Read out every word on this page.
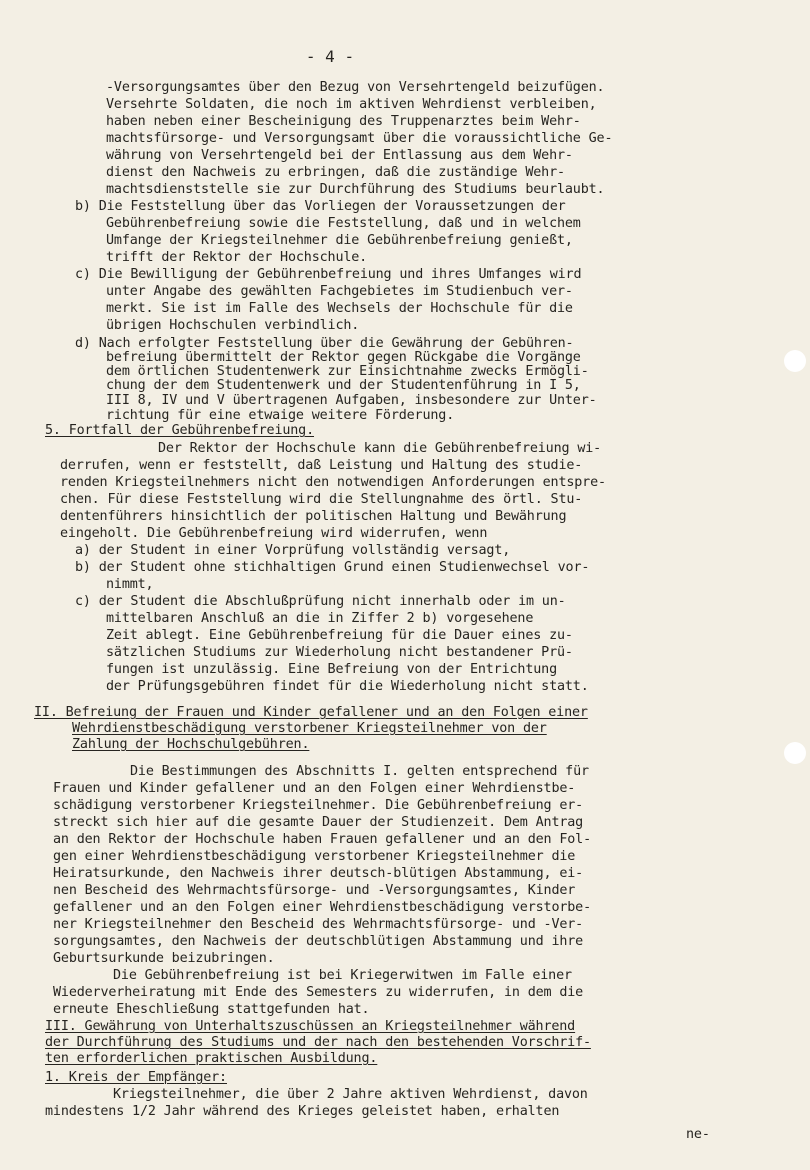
- 4 -
-Versorgungsamtes über den Bezug von Versehrtengeld beizufügen.
Versehrte Soldaten, die noch im aktiven Wehrdienst verbleiben,
haben neben einer Bescheinigung des Truppenarztes beim Wehr-
machtsfürsorge- und Versorgungsamt über die voraussichtliche Ge-
währung von Versehrtengeld bei der Entlassung aus dem Wehr-
dienst den Nachweis zu erbringen, daß die zuständige Wehr-
machtsdienststelle sie zur Durchführung des Studiums beurlaubt.
b) Die Feststellung über das Vorliegen der Voraussetzungen der
Gebührenbefreiung sowie die Feststellung, daß und in welchem
Umfange der Kriegsteilnehmer die Gebührenbefreiung genießt,
trifft der Rektor der Hochschule.
c) Die Bewilligung der Gebührenbefreiung und ihres Umfanges wird
unter Angabe des gewählten Fachgebietes im Studienbuch ver-
merkt. Sie ist im Falle des Wechsels der Hochschule für die
übrigen Hochschulen verbindlich.
d) Nach erfolgter Feststellung über die Gewährung der Gebühren-
befreiung übermittelt der Rektor gegen Rückgabe die Vorgänge
dem örtlichen Studentenwerk zur Einsichtnahme zwecks Ermögli-
chung der dem Studentenwerk und der Studentenführung in I 5,
III 8, IV und V übertragenen Aufgaben, insbesondere zur Unter-
richtung für eine etwaige weitere Förderung.
5. Fortfall der Gebührenbefreiung.
Der Rektor der Hochschule kann die Gebührenbefreiung wi-
derrufen, wenn er feststellt, daß Leistung und Haltung des studie-
renden Kriegsteilnehmers nicht den notwendigen Anforderungen entspre-
chen. Für diese Feststellung wird die Stellungnahme des örtl. Stu-
dentenführers hinsichtlich der politischen Haltung und Bewährung
eingeholt. Die Gebührenbefreiung wird widerrufen, wenn
a) der Student in einer Vorprüfung vollständig versagt,
b) der Student ohne stichhaltigen Grund einen Studienwechsel vor-
nimmt,
c) der Student die Abschlußprüfung nicht innerhalb oder im un-
mittelbaren Anschluß an die in Ziffer 2 b) vorgesehene
Zeit ablegt. Eine Gebührenbefreiung für die Dauer eines zu-
sätzlichen Studiums zur Wiederholung nicht bestandener Prü-
fungen ist unzulässig. Eine Befreiung von der Entrichtung
der Prüfungsgebühren findet für die Wiederholung nicht statt.
II. Befreiung der Frauen und Kinder gefallener und an den Folgen einer
Wehrdienstbeschädigung verstorbener Kriegsteilnehmer von der
Zahlung der Hochschulgebühren.
Die Bestimmungen des Abschnitts I. gelten entsprechend für
Frauen und Kinder gefallener und an den Folgen einer Wehrdienstbe-
schädigung verstorbener Kriegsteilnehmer. Die Gebührenbefreiung er-
streckt sich hier auf die gesamte Dauer der Studienzeit. Dem Antrag
an den Rektor der Hochschule haben Frauen gefallener und an den Fol-
gen einer Wehrdienstbeschädigung verstorbener Kriegsteilnehmer die
Heiratsurkunde, den Nachweis ihrer deutsch-blütigen Abstammung, ei-
nen Bescheid des Wehrmachtsfürsorge- und -Versorgungsamtes, Kinder
gefallener und an den Folgen einer Wehrdienstbeschädigung verstorbe-
ner Kriegsteilnehmer den Bescheid des Wehrmachtsfürsorge- und -Ver-
sorgungsamtes, den Nachweis der deutschblütigen Abstammung und ihre
Geburtsurkunde beizubringen.
Die Gebührenbefreiung ist bei Kriegerwitwen im Falle einer
Wiederverheiratung mit Ende des Semesters zu widerrufen, in dem die
erneute Eheschließung stattgefunden hat.
III. Gewährung von Unterhaltszuschüssen an Kriegsteilnehmer während
der Durchführung des Studiums und der nach den bestehenden Vorschrif-
ten erforderlichen praktischen Ausbildung.
1. Kreis der Empfänger:
Kriegsteilnehmer, die über 2 Jahre aktiven Wehrdienst, davon
mindestens 1/2 Jahr während des Krieges geleistet haben, erhalten
ne-
